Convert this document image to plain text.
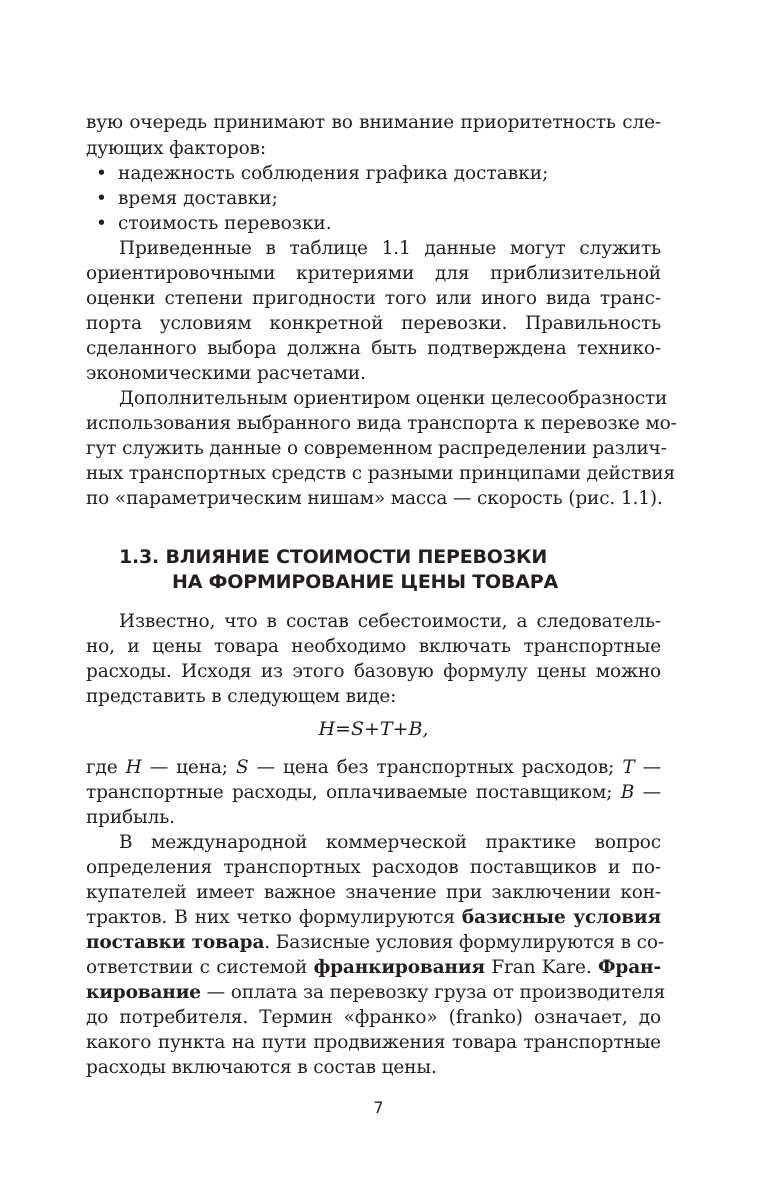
вую очередь принимают во внимание приоритетность сле-

дующих факторов:

• надежность соблюдения графика доставки;

• время доставки;

• стоимость перевозки.

Приведенные в таблице 1.1 данные могут служить

ориентировочными критериями для приблизительной

оценки степени пригодности того или иного вида транс-

порта условиям конкретной перевозки. Правильность

сделанного выбора должна быть подтверждена технико-

экономическими расчетами.

Дополнительным ориентиром оценки целесообразности

использования выбранного вида транспорта к перевозке мо-

гут служить данные о современном распределении различ-

ных транспортных средств с разными принципами действия

по «параметрическим нишам» масса — скорость (рис. 1.1).

1.3. ВЛИЯНИЕ СТОИМОСТИ ПЕРЕВОЗКИ

НА ФОРМИРОВАНИЕ ЦЕНЫ ТОВАРА

Известно, что в состав себестоимости, а следователь-

но, и цены товара необходимо включать транспортные

расходы. Исходя из этого базовую формулу цены можно

представить в следующем виде:

H=S+T+B,

где H — цена; S — цена без транспортных расходов; T —

транспортные расходы, оплачиваемые поставщиком; B —

прибыль.

В международной коммерческой практике вопрос

определения транспортных расходов поставщиков и по-

купателей имеет важное значение при заключении кон-

трактов. В них четко формулируются базисные условия

поставки товара. Базисные условия формулируются в со-

ответствии с системой франкирования Fran Kare. Фран-

кирование — оплата за перевозку груза от производителя

до потребителя. Термин «франко» (franko) означает, до

какого пункта на пути продвижения товара транспортные

расходы включаются в состав цены.

7
